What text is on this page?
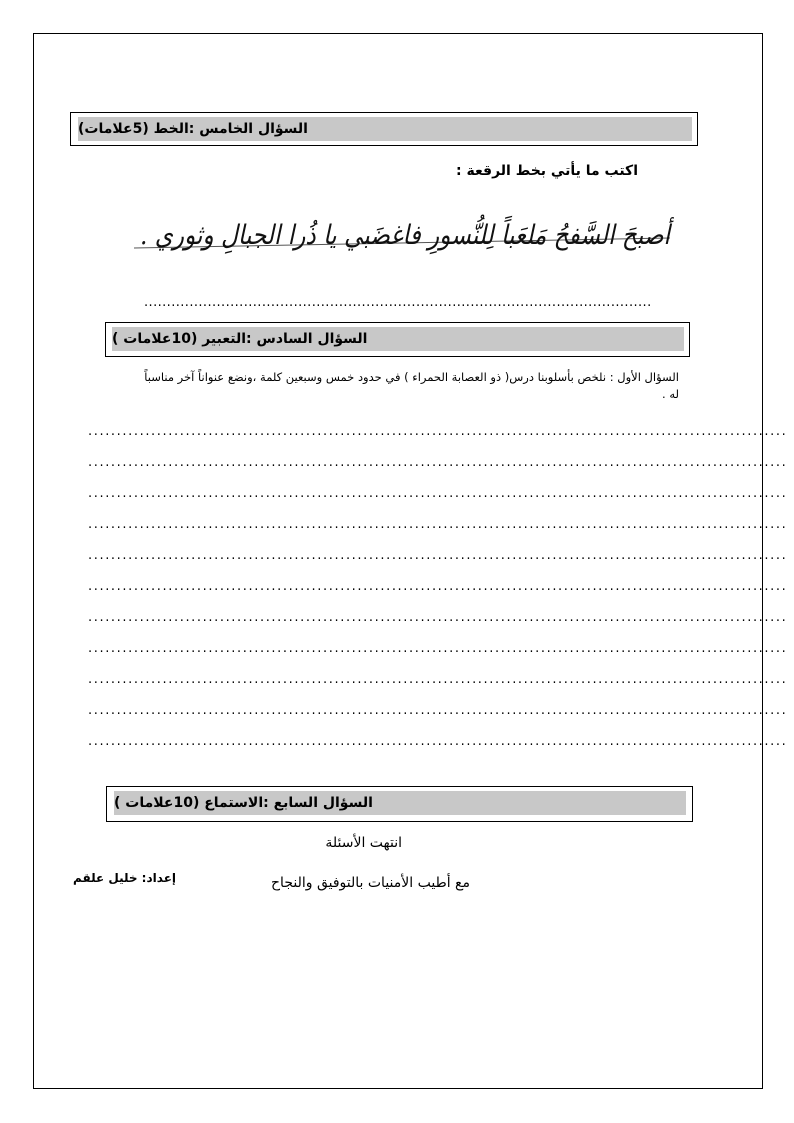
السؤال الخامس :الخط (5علامات)
اكتب ما يأتي بخط الرقعة :
أصبحَ السَّفحُ مَلعَباً لِلنُّسورِ فاغضَبي يا ذُرا الجبالِ وثوري .
................................................................................................................
السؤال السادس :التعبير (10علامات )
السؤال الأول : نلخص بأسلوبنا درس( ذو العصابة الحمراء ) في حدود خمس وسبعين كلمة ،ونضع عنواناً آخر مناسباً
له .
..........................................................................................................................
..........................................................................................................................
..........................................................................................................................
..........................................................................................................................
..........................................................................................................................
..........................................................................................................................
..........................................................................................................................
..........................................................................................................................
..........................................................................................................................
..........................................................................................................................
..........................................................................................................................
السؤال السابع :الاستماع (10علامات )
انتهت الأسئلة
مع أطيب الأمنيات بالتوفيق والنجاح
إعداد: خليل علقم
